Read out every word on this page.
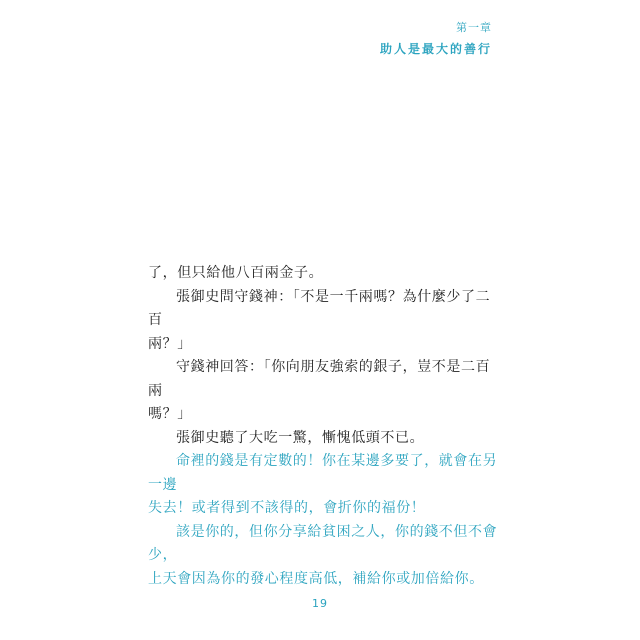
第一章
助人是最大的善行

了，但只給他八百兩金子。

張御史問守錢神：「不是一千兩嗎？為什麼少了二百
兩？」

守錢神回答：「你向朋友強索的銀子，豈不是二百兩
嗎？」

張御史聽了大吃一驚，慚愧低頭不已。

命裡的錢是有定數的！你在某邊多要了，就會在另一邊
失去！或者得到不該得的，會折你的福份！

該是你的，但你分享給貧困之人，你的錢不但不會少，
上天會因為你的發心程度高低，補給你或加倍給你。

19
